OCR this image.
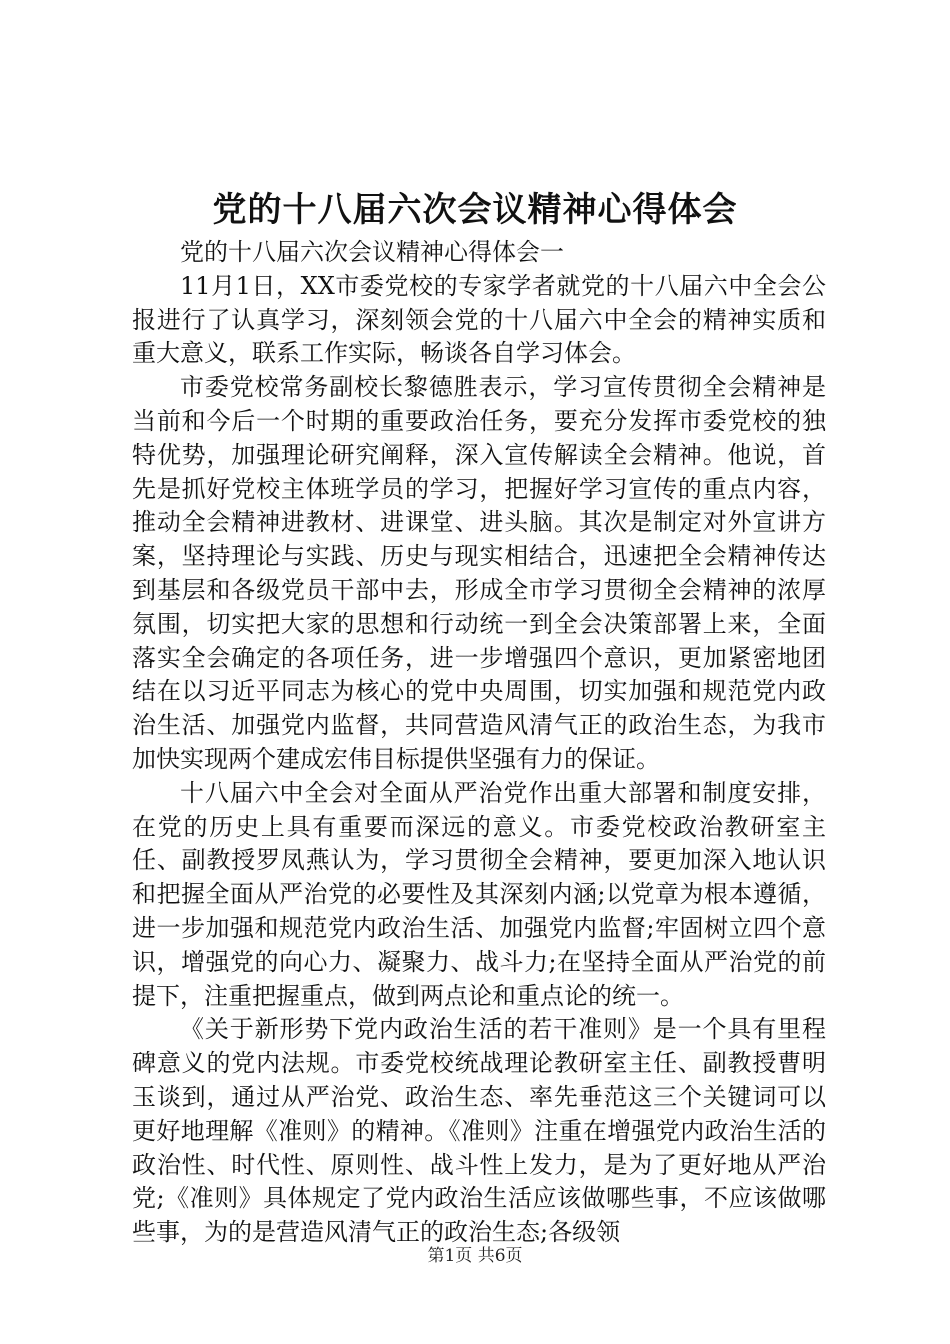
党的十八届六次会议精神心得体会

党的十八届六次会议精神心得体会一

11月1日，XX市委党校的专家学者就党的十八届六中全会公报进行了认真学习，深刻领会党的十八届六中全会的精神实质和重大意义，联系工作实际，畅谈各自学习体会。

市委党校常务副校长黎德胜表示，学习宣传贯彻全会精神是当前和今后一个时期的重要政治任务，要充分发挥市委党校的独特优势，加强理论研究阐释，深入宣传解读全会精神。他说，首先是抓好党校主体班学员的学习，把握好学习宣传的重点内容，推动全会精神进教材、进课堂、进头脑。其次是制定对外宣讲方案，坚持理论与实践、历史与现实相结合，迅速把全会精神传达到基层和各级党员干部中去，形成全市学习贯彻全会精神的浓厚氛围，切实把大家的思想和行动统一到全会决策部署上来，全面落实全会确定的各项任务，进一步增强四个意识，更加紧密地团结在以习近平同志为核心的党中央周围，切实加强和规范党内政治生活、加强党内监督，共同营造风清气正的政治生态，为我市加快实现两个建成宏伟目标提供坚强有力的保证。

十八届六中全会对全面从严治党作出重大部署和制度安排，在党的历史上具有重要而深远的意义。市委党校政治教研室主任、副教授罗凤燕认为，学习贯彻全会精神，要更加深入地认识和把握全面从严治党的必要性及其深刻内涵;以党章为根本遵循，进一步加强和规范党内政治生活、加强党内监督;牢固树立四个意识，增强党的向心力、凝聚力、战斗力;在坚持全面从严治党的前提下，注重把握重点，做到两点论和重点论的统一。

《关于新形势下党内政治生活的若干准则》是一个具有里程碑意义的党内法规。市委党校统战理论教研室主任、副教授曹明玉谈到，通过从严治党、政治生态、率先垂范这三个关键词可以更好地理解《准则》的精神。《准则》注重在增强党内政治生活的政治性、时代性、原则性、战斗性上发力，是为了更好地从严治党;《准则》具体规定了党内政治生活应该做哪些事，不应该做哪些事，为的是营造风清气正的政治生态;各级领

第1页 共6页
